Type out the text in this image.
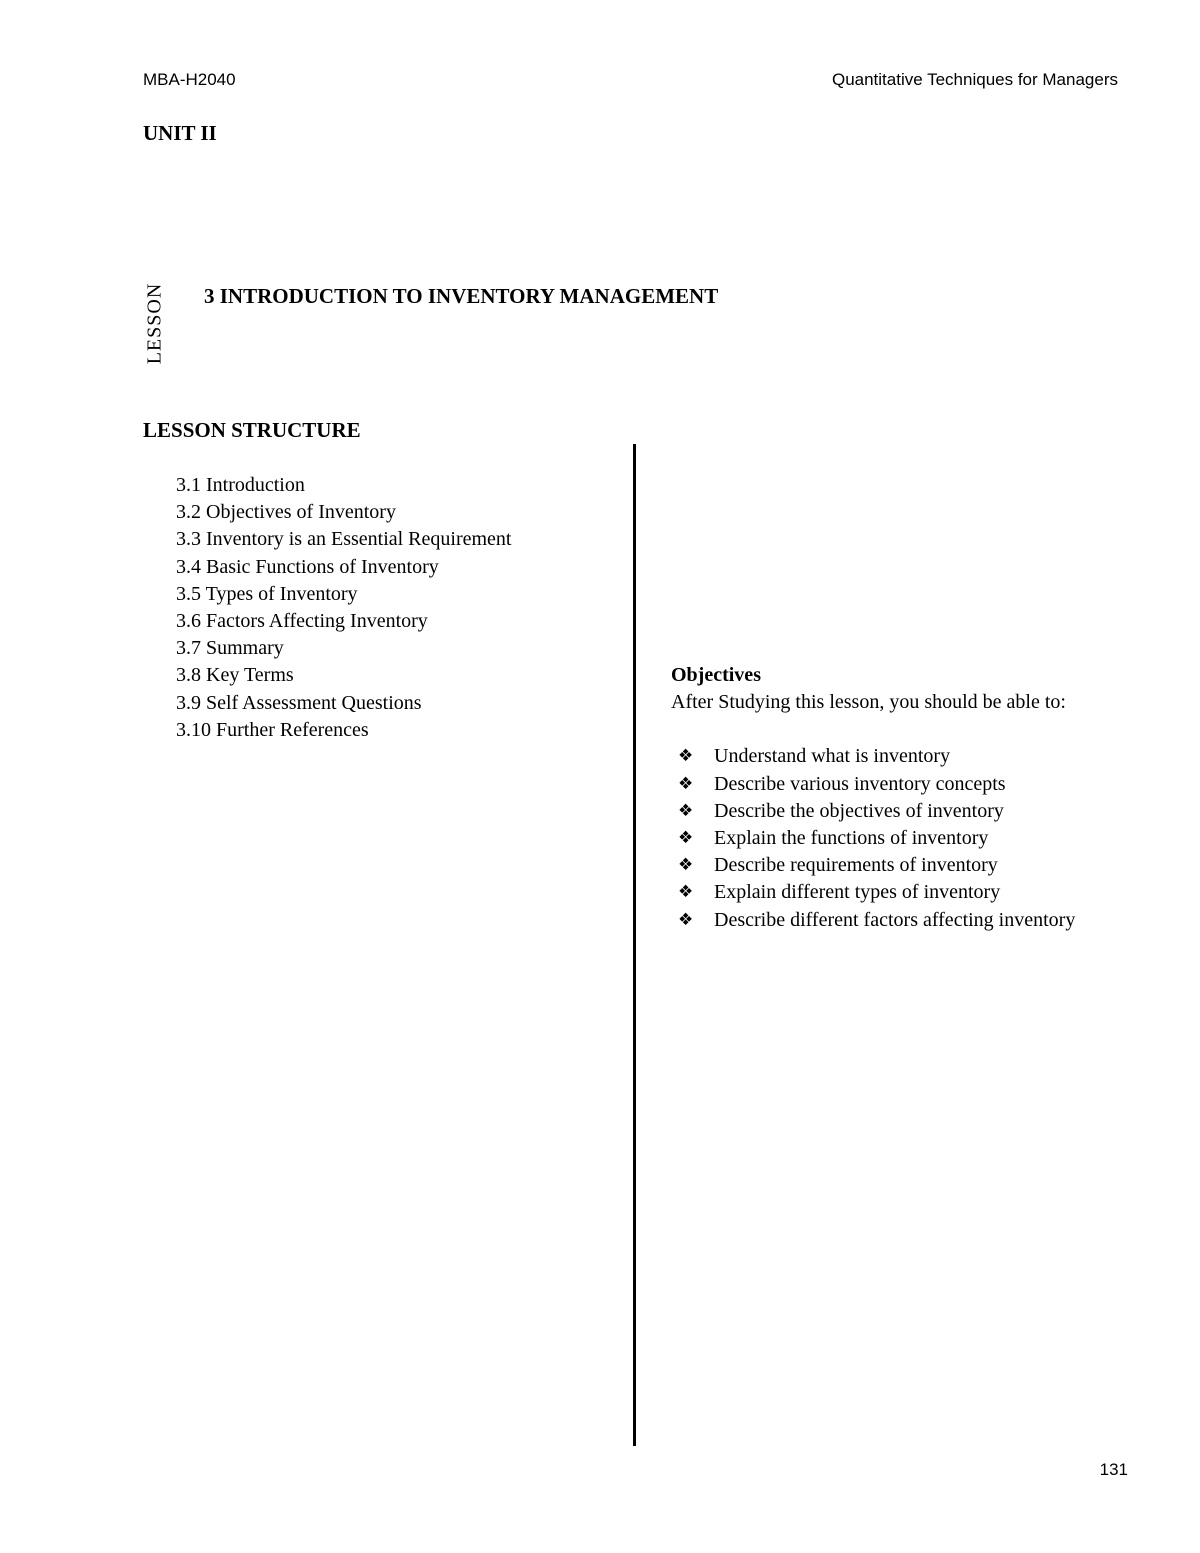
MBA-H2040	Quantitative Techniques for Managers
UNIT II
LESSON 3 INTRODUCTION TO INVENTORY MANAGEMENT
LESSON STRUCTURE
3.1 Introduction
3.2 Objectives of Inventory
3.3 Inventory is an Essential Requirement
3.4 Basic Functions of Inventory
3.5 Types of Inventory
3.6 Factors Affecting Inventory
3.7 Summary
3.8 Key Terms
3.9 Self Assessment Questions
3.10 Further References
Objectives
After Studying this lesson, you should be able to:
❖	Understand what is inventory
❖	Describe various inventory concepts
❖	Describe the objectives of inventory
❖	Explain the functions of inventory
❖	Describe requirements of inventory
❖	Explain different types of inventory
❖	Describe different factors affecting inventory
131
